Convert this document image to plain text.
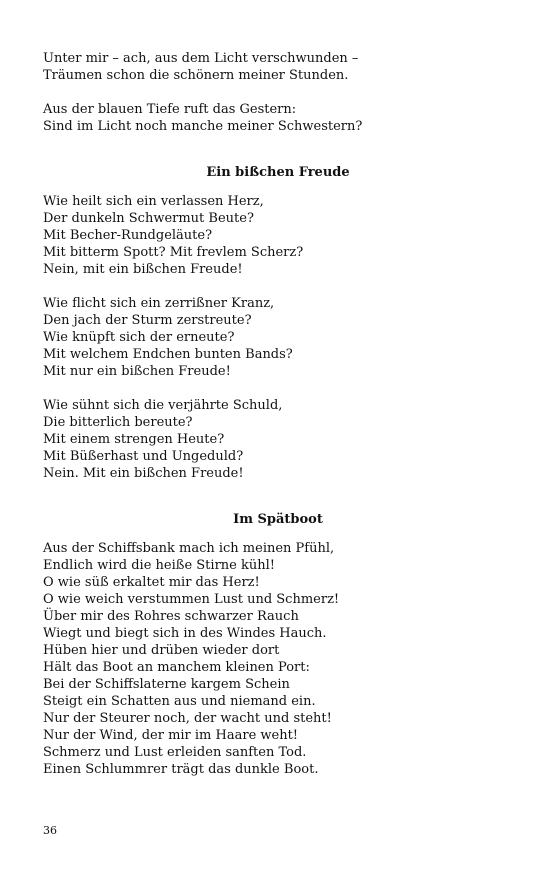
Unter mir – ach, aus dem Licht verschwunden –
Träumen schon die schönern meiner Stunden.
Aus der blauen Tiefe ruft das Gestern:
Sind im Licht noch manche meiner Schwestern?
Ein bißchen Freude
Wie heilt sich ein verlassen Herz,
Der dunkeln Schwermut Beute?
Mit Becher-Rundgeläute?
Mit bitterm Spott? Mit frevlem Scherz?
Nein, mit ein bißchen Freude!
Wie flicht sich ein zerrißner Kranz,
Den jach der Sturm zerstreute?
Wie knüpft sich der erneute?
Mit welchem Endchen bunten Bands?
Mit nur ein bißchen Freude!
Wie sühnt sich die verjährte Schuld,
Die bitterlich bereute?
Mit einem strengen Heute?
Mit Büßerhast und Ungeduld?
Nein. Mit ein bißchen Freude!
Im Spätboot
Aus der Schiffsbank mach ich meinen Pfühl,
Endlich wird die heiße Stirne kühl!
O wie süß erkaltet mir das Herz!
O wie weich verstummen Lust und Schmerz!
Über mir des Rohres schwarzer Rauch
Wiegt und biegt sich in des Windes Hauch.
Hüben hier und drüben wieder dort
Hält das Boot an manchem kleinen Port:
Bei der Schiffslaterne kargem Schein
Steigt ein Schatten aus und niemand ein.
Nur der Steurer noch, der wacht und steht!
Nur der Wind, der mir im Haare weht!
Schmerz und Lust erleiden sanften Tod.
Einen Schlummrer trägt das dunkle Boot.
36
